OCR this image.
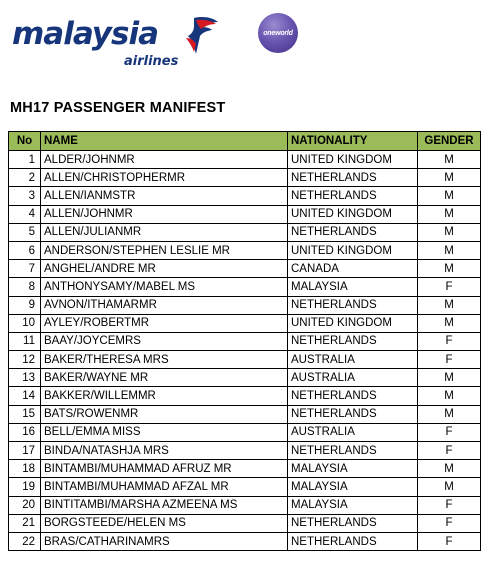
malaysia
airlines
oneworld
MH17 PASSENGER MANIFEST
No	NAME	NATIONALITY	GENDER
1	ALDER/JOHNMR	UNITED KINGDOM	M
2	ALLEN/CHRISTOPHERMR	NETHERLANDS	M
3	ALLEN/IANMSTR	NETHERLANDS	M
4	ALLEN/JOHNMR	UNITED KINGDOM	M
5	ALLEN/JULIANMR	NETHERLANDS	M
6	ANDERSON/STEPHEN LESLIE MR	UNITED KINGDOM	M
7	ANGHEL/ANDRE MR	CANADA	M
8	ANTHONYSAMY/MABEL MS	MALAYSIA	F
9	AVNON/ITHAMARMR	NETHERLANDS	M
10	AYLEY/ROBERTMR	UNITED KINGDOM	M
11	BAAY/JOYCEMRS	NETHERLANDS	F
12	BAKER/THERESA MRS	AUSTRALIA	F
13	BAKER/WAYNE MR	AUSTRALIA	M
14	BAKKER/WILLEMMR	NETHERLANDS	M
15	BATS/ROWENMR	NETHERLANDS	M
16	BELL/EMMA MISS	AUSTRALIA	F
17	BINDA/NATASHJA MRS	NETHERLANDS	F
18	BINTAMBI/MUHAMMAD AFRUZ MR	MALAYSIA	M
19	BINTAMBI/MUHAMMAD AFZAL MR	MALAYSIA	M
20	BINTITAMBI/MARSHA AZMEENA MS	MALAYSIA	F
21	BORGSTEEDE/HELEN MS	NETHERLANDS	F
22	BRAS/CATHARINAMRS	NETHERLANDS	F
